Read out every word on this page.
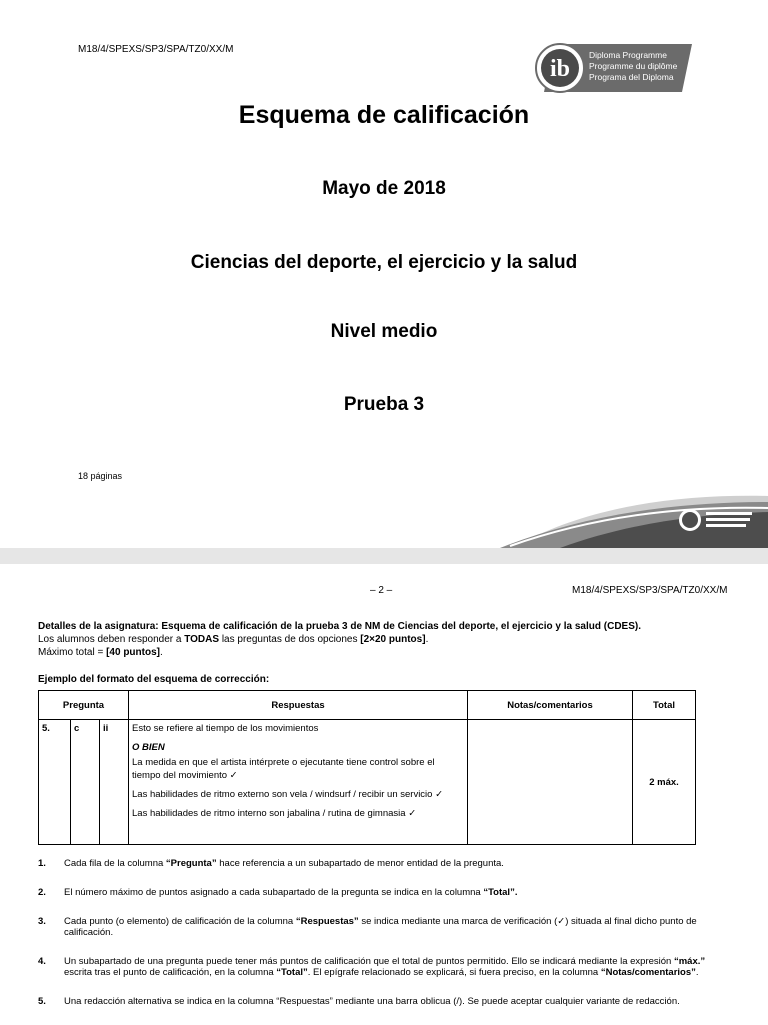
M18/4/SPEXS/SP3/SPA/TZ0/XX/M
ib
Diploma Programme
Programme du diplôme
Programa del Diploma
Esquema de calificación
Mayo de 2018
Ciencias del deporte, el ejercicio y la salud
Nivel medio
Prueba 3
18 páginas
– 2 –	M18/4/SPEXS/SP3/SPA/TZ0/XX/M
Detalles de la asignatura: Esquema de calificación de la prueba 3 de NM de Ciencias del deporte, el ejercicio y la salud (CDES).
Los alumnos deben responder a TODAS las preguntas de dos opciones [2×20 puntos].
Máximo total = [40 puntos].
Ejemplo del formato del esquema de corrección:
Pregunta			Respuestas	Notas/comentarios	Total
5.	c	ii	Esto se refiere al tiempo de los movimientos
O BIEN
La medida en que el artista intérprete o ejecutante tiene control sobre el tiempo del movimiento ✓
Las habilidades de ritmo externo son vela / windsurf / recibir un servicio ✓
Las habilidades de ritmo interno son jabalina / rutina de gimnasia ✓		2 máx.
1. Cada fila de la columna “Pregunta” hace referencia a un subapartado de menor entidad de la pregunta.
2. El número máximo de puntos asignado a cada subapartado de la pregunta se indica en la columna “Total”.
3. Cada punto (o elemento) de calificación de la columna “Respuestas” se indica mediante una marca de verificación (✓) situada al final dicho punto de calificación.
4. Un subapartado de una pregunta puede tener más puntos de calificación que el total de puntos permitido. Ello se indicará mediante la expresión “máx.” escrita tras el punto de calificación, en la columna “Total”. El epígrafe relacionado se explicará, si fuera preciso, en la columna “Notas/comentarios”.
5. Una redacción alternativa se indica en la columna “Respuestas” mediante una barra oblicua (/). Se puede aceptar cualquier variante de redacción.
